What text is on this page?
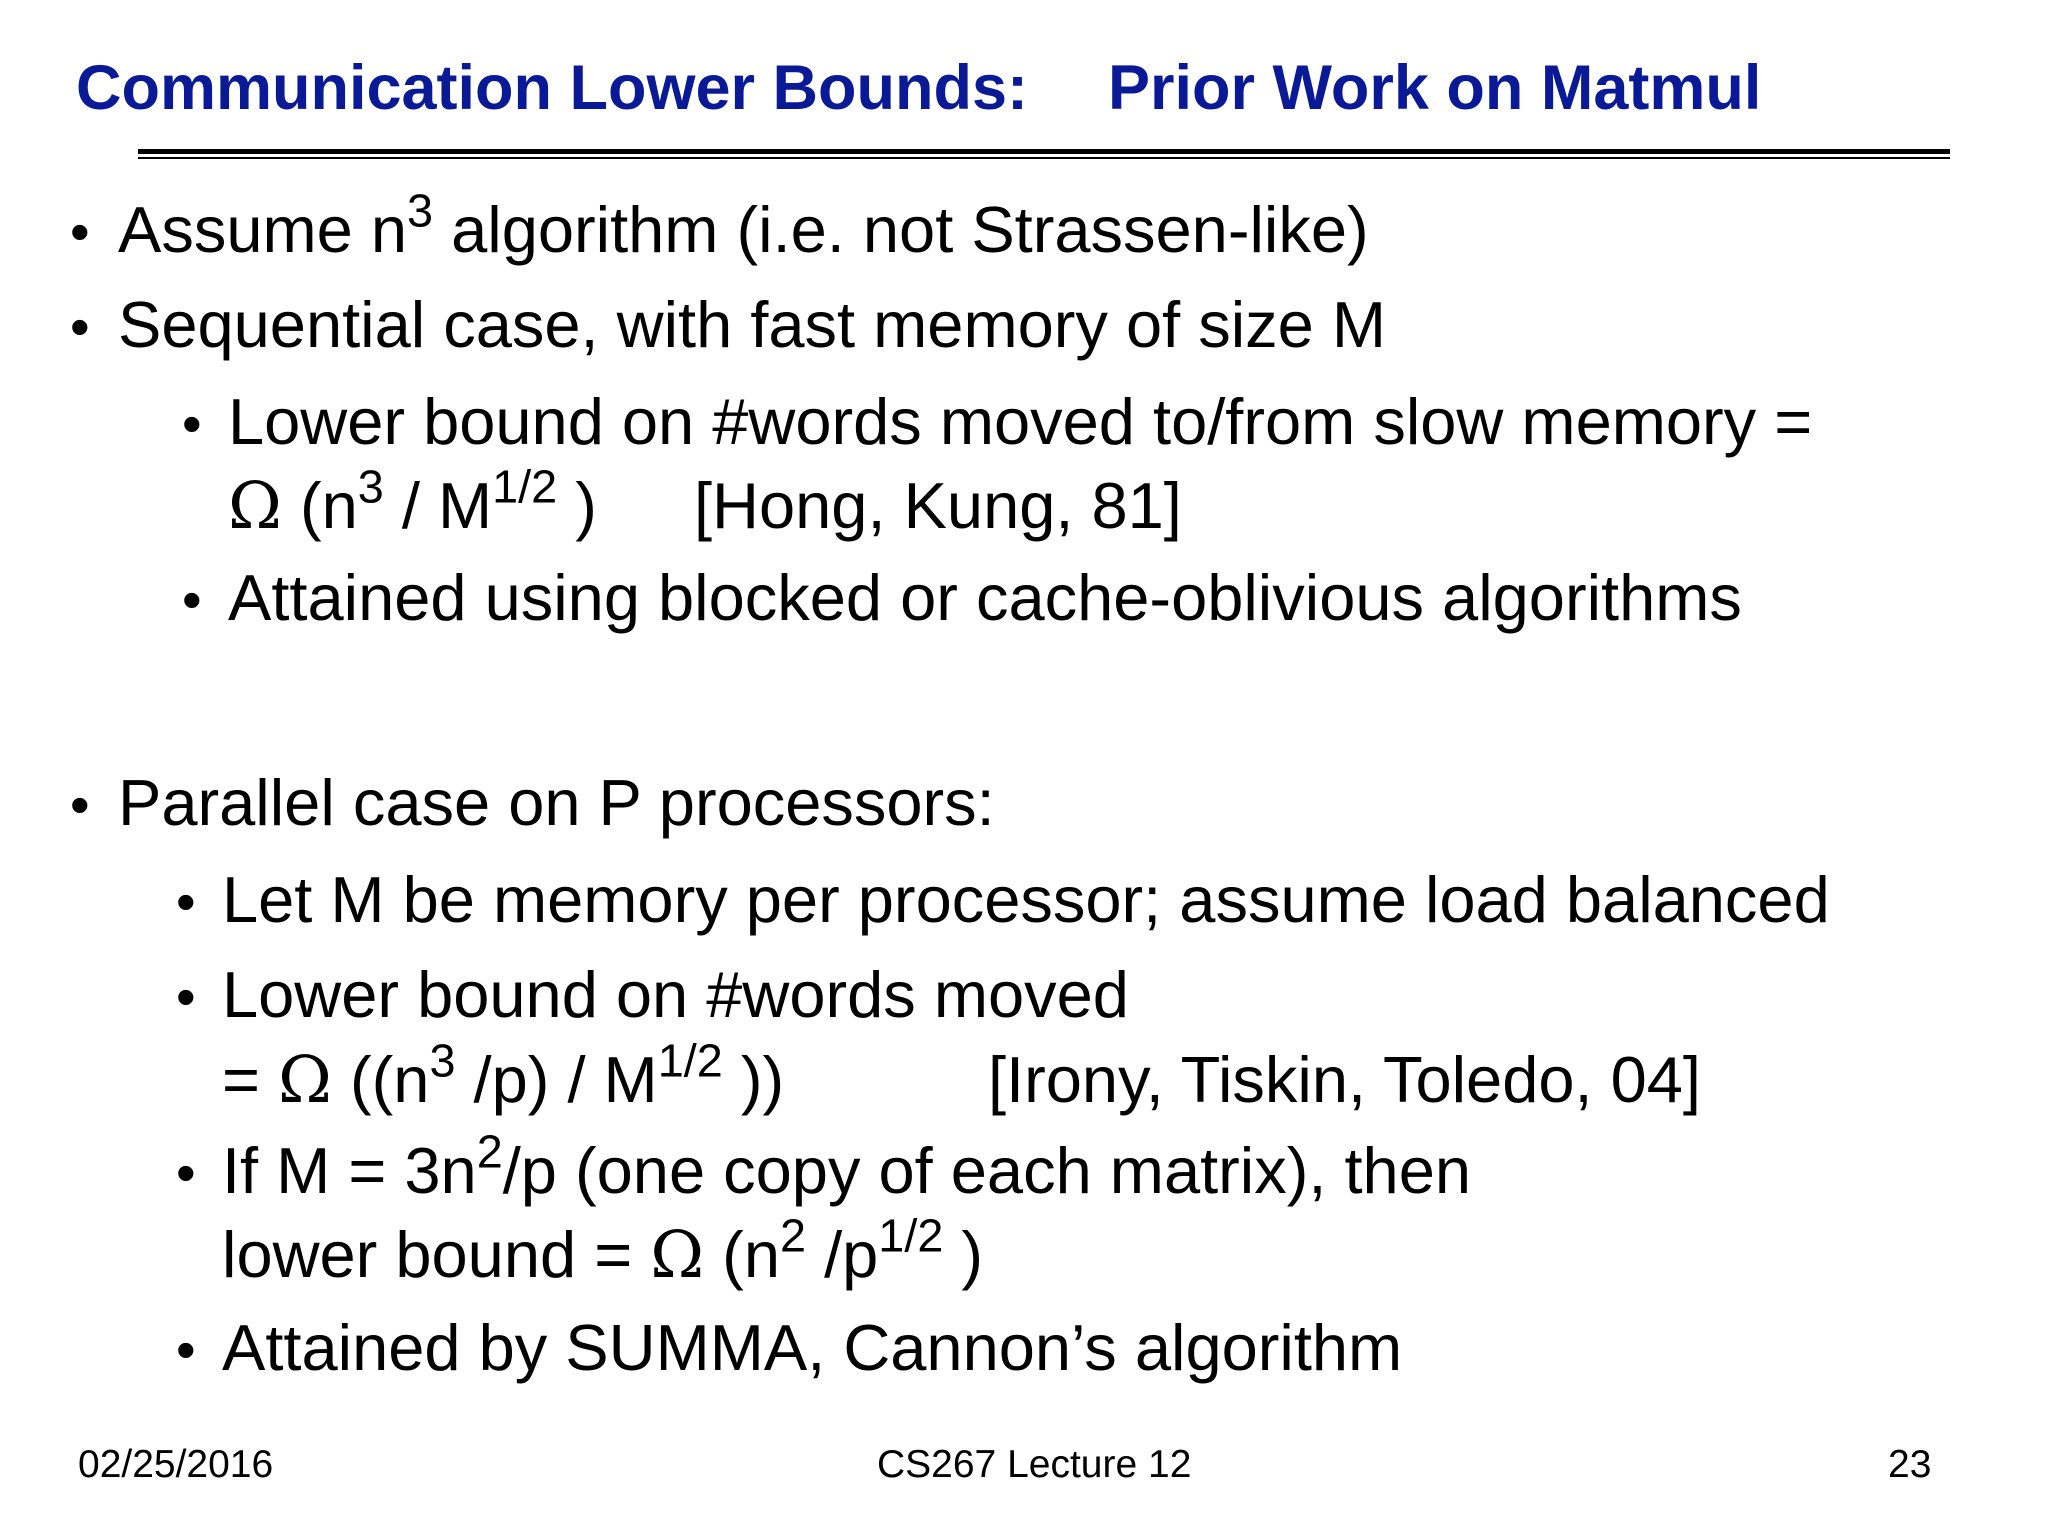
Communication Lower Bounds: Prior Work on Matmul
• Assume $n^3$ algorithm (i.e. not Strassen-like)
• Sequential case, with fast memory of size M
• Lower bound on #words moved to/from slow memory =
Ω ($n^3 / M^{1/2}$ ) [Hong, Kung, 81]
• Attained using blocked or cache-oblivious algorithms
• Parallel case on P processors:
• Let M be memory per processor; assume load balanced
• Lower bound on #words moved
= Ω (($n^3$ $/p) / M^{1/2}$ ))	[Irony, Tiskin, Toledo, 04]
• If $M = 3n^2/p$ (one copy of each matrix), then
lower bound = Ω ($n^2$ $/p^{1/2}$ )
• Attained by SUMMA, Cannon’s algorithm
02/25/2016	CS267 Lecture 12	23
